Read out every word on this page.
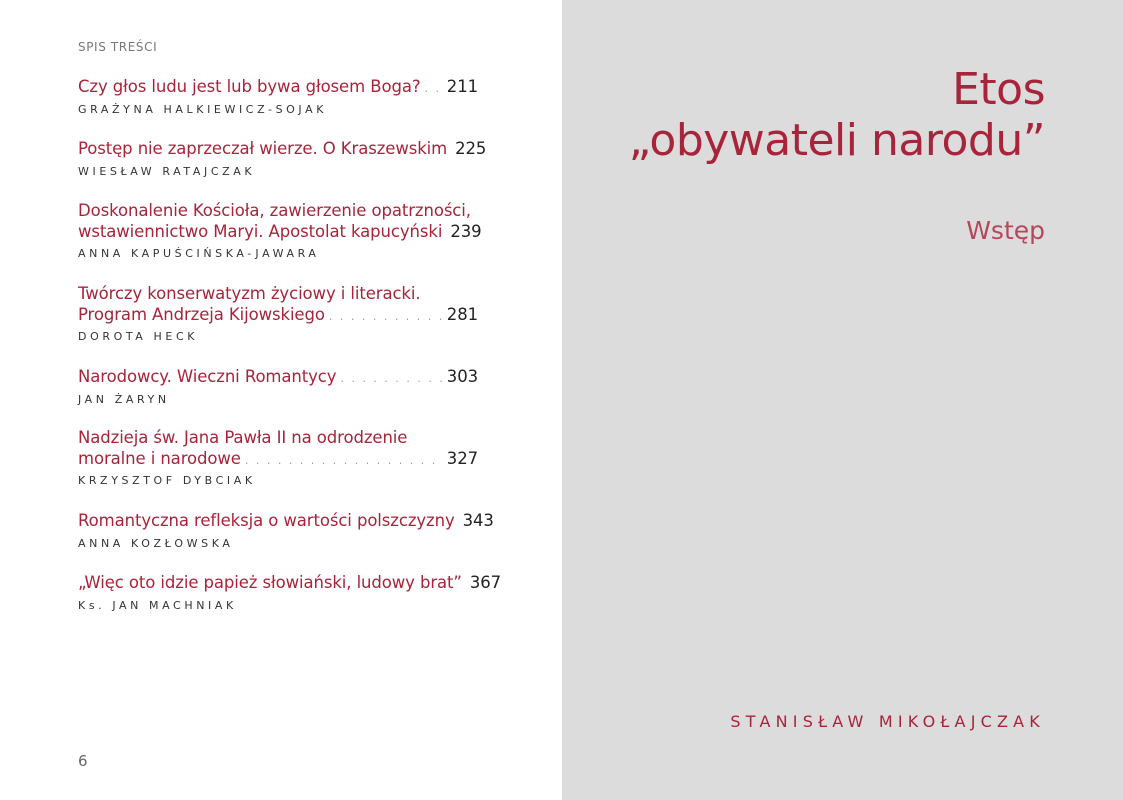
SPIS TREŚCI
Czy głos ludu jest lub bywa głosem Boga? . . . 211
GRAŻYNA HALKIEWICZ-SOJAK
Postęp nie zaprzeczał wierze. O Kraszewskim 225
WIESŁAW RATAJCZAK
Doskonalenie Kościoła, zawierzenie opatrzności,
wstawiennictwo Maryi. Apostolat kapucyński 239
ANNA KAPUŚCIŃSKA-JAWARA
Twórczy konserwatyzm życiowy i literacki.
Program Andrzeja Kijowskiego . . .	281
DOROTA HECK
Narodowcy. Wieczni Romantycy . . .	303
JAN ŻARYN
Nadzieja św. Jana Pawła II na odrodzenie
moralne i narodowe . . .	327
KRZYSZTOF DYBCIAK
Romantyczna refleksja o wartości polszczyzny 343
ANNA KOZŁOWSKA
„Więc oto idzie papież słowiański, ludowy brat” 367
Ks. JAN MACHNIAK
6
Etos
„obywateli narodu”
Wstęp
STANISŁAW MIKOŁAJCZAK
